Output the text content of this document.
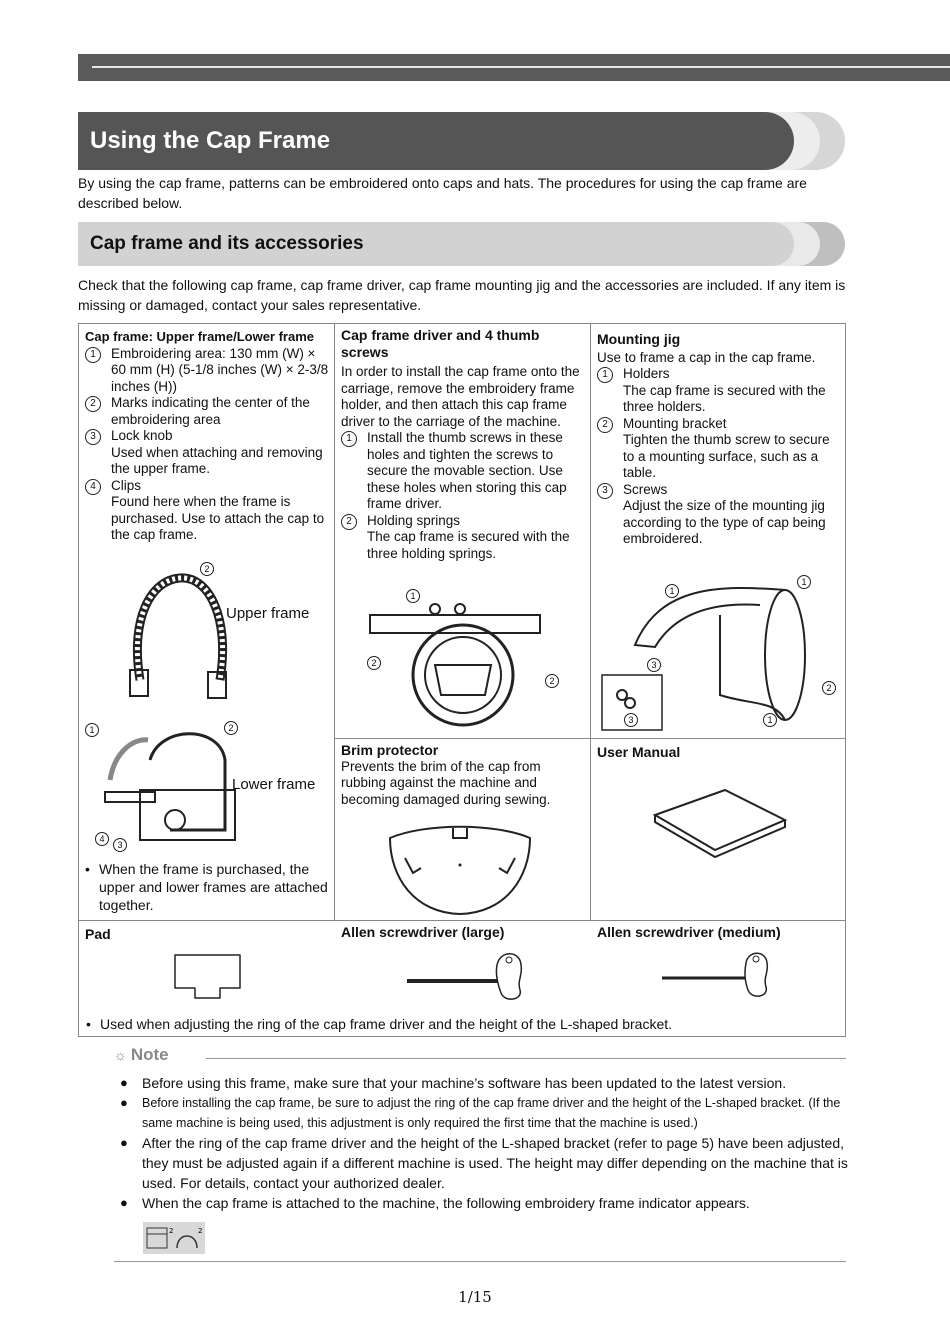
Using the Cap Frame
By using the cap frame, patterns can be embroidered onto caps and hats. The procedures for using the cap frame are described below.
Cap frame and its accessories
Check that the following cap frame, cap frame driver, cap frame mounting jig and the accessories are included. If any item is missing or damaged, contact your sales representative.
Cap frame: Upper frame/Lower frame
1	Embroidering area: 130 mm (W) × 60 mm (H) (5-1/8 inches (W) × 2-3/8 inches (H))
2	Marks indicating the center of the embroidering area
3	Lock knob
Used when attaching and removing the upper frame.
4	Clips
Found here when the frame is purchased. Use to attach the cap to the cap frame.
2
Upper frame
1	2
4
3
Lower frame
• When the frame is purchased, the upper and lower frames are attached together.
Cap frame driver and 4 thumb screws
In order to install the cap frame onto the carriage, remove the embroidery frame holder, and then attach this cap frame driver to the carriage of the machine.
1	Install the thumb screws in these holes and tighten the screws to secure the movable section. Use these holes when storing this cap frame driver.
2	Holding springs
The cap frame is secured with the three holding springs.
1
2
2
Mounting jig
Use to frame a cap in the cap frame.
1	Holders
The cap frame is secured with the three holders.
2	Mounting bracket
Tighten the thumb screw to secure to a mounting surface, such as a table.
3	Screws
Adjust the size of the mounting jig according to the type of cap being embroidered.
1
1
3
2
3	1
Brim protector
Prevents the brim of the cap from rubbing against the machine and becoming damaged during sewing.
User Manual
Pad	Allen screwdriver (large)	Allen screwdriver (medium)
• Used when adjusting the ring of the cap frame driver and the height of the L-shaped bracket.
☼ Note
● Before using this frame, make sure that your machine’s software has been updated to the latest version.
● Before installing the cap frame, be sure to adjust the ring of the cap frame driver and the height of the L-shaped bracket. (If the same machine is being used, this adjustment is only required the first time that the machine is used.)
● After the ring of the cap frame driver and the height of the L-shaped bracket (refer to page 5) have been adjusted, they must be adjusted again if a different machine is used. The height may differ depending on the machine that is used. For details, contact your authorized dealer.
● When the cap frame is attached to the machine, the following embroidery frame indicator appears.
2	2
1/15
